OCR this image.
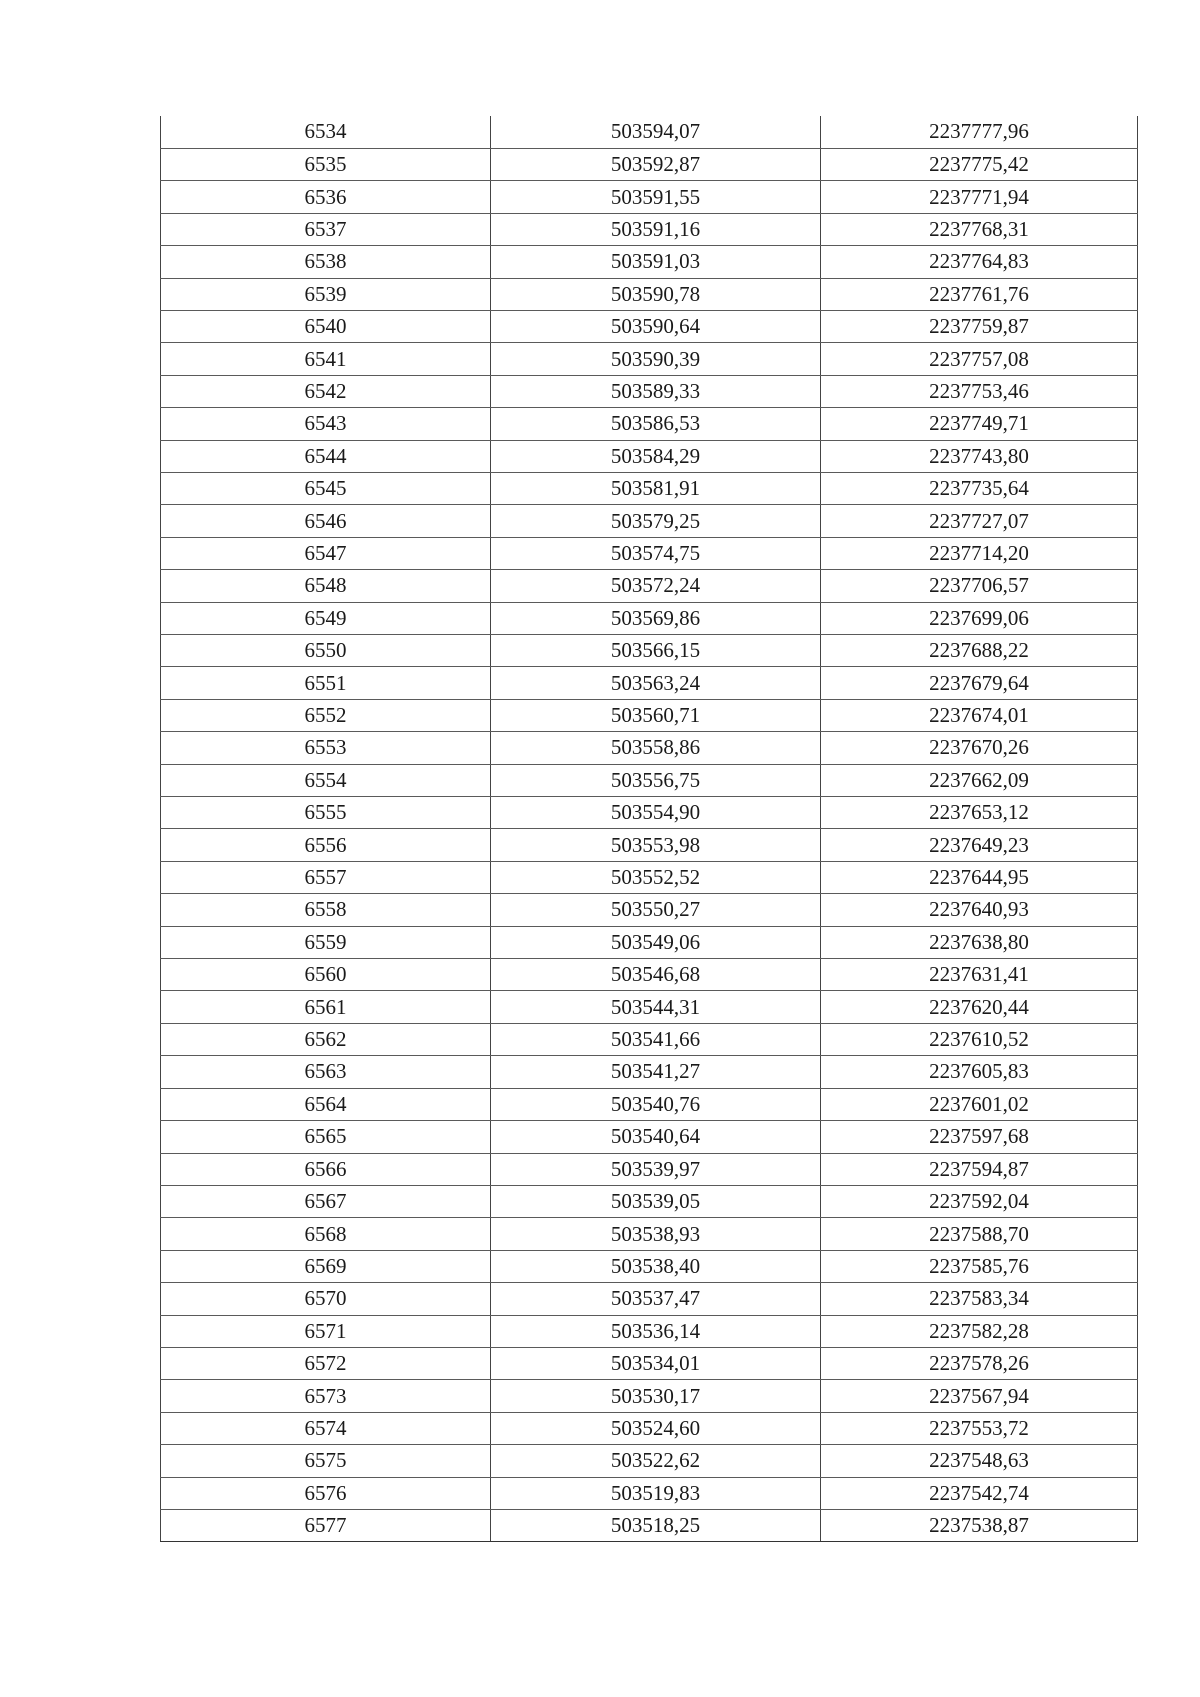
6534	503594,07	2237777,96
6535	503592,87	2237775,42
6536	503591,55	2237771,94
6537	503591,16	2237768,31
6538	503591,03	2237764,83
6539	503590,78	2237761,76
6540	503590,64	2237759,87
6541	503590,39	2237757,08
6542	503589,33	2237753,46
6543	503586,53	2237749,71
6544	503584,29	2237743,80
6545	503581,91	2237735,64
6546	503579,25	2237727,07
6547	503574,75	2237714,20
6548	503572,24	2237706,57
6549	503569,86	2237699,06
6550	503566,15	2237688,22
6551	503563,24	2237679,64
6552	503560,71	2237674,01
6553	503558,86	2237670,26
6554	503556,75	2237662,09
6555	503554,90	2237653,12
6556	503553,98	2237649,23
6557	503552,52	2237644,95
6558	503550,27	2237640,93
6559	503549,06	2237638,80
6560	503546,68	2237631,41
6561	503544,31	2237620,44
6562	503541,66	2237610,52
6563	503541,27	2237605,83
6564	503540,76	2237601,02
6565	503540,64	2237597,68
6566	503539,97	2237594,87
6567	503539,05	2237592,04
6568	503538,93	2237588,70
6569	503538,40	2237585,76
6570	503537,47	2237583,34
6571	503536,14	2237582,28
6572	503534,01	2237578,26
6573	503530,17	2237567,94
6574	503524,60	2237553,72
6575	503522,62	2237548,63
6576	503519,83	2237542,74
6577	503518,25	2237538,87
